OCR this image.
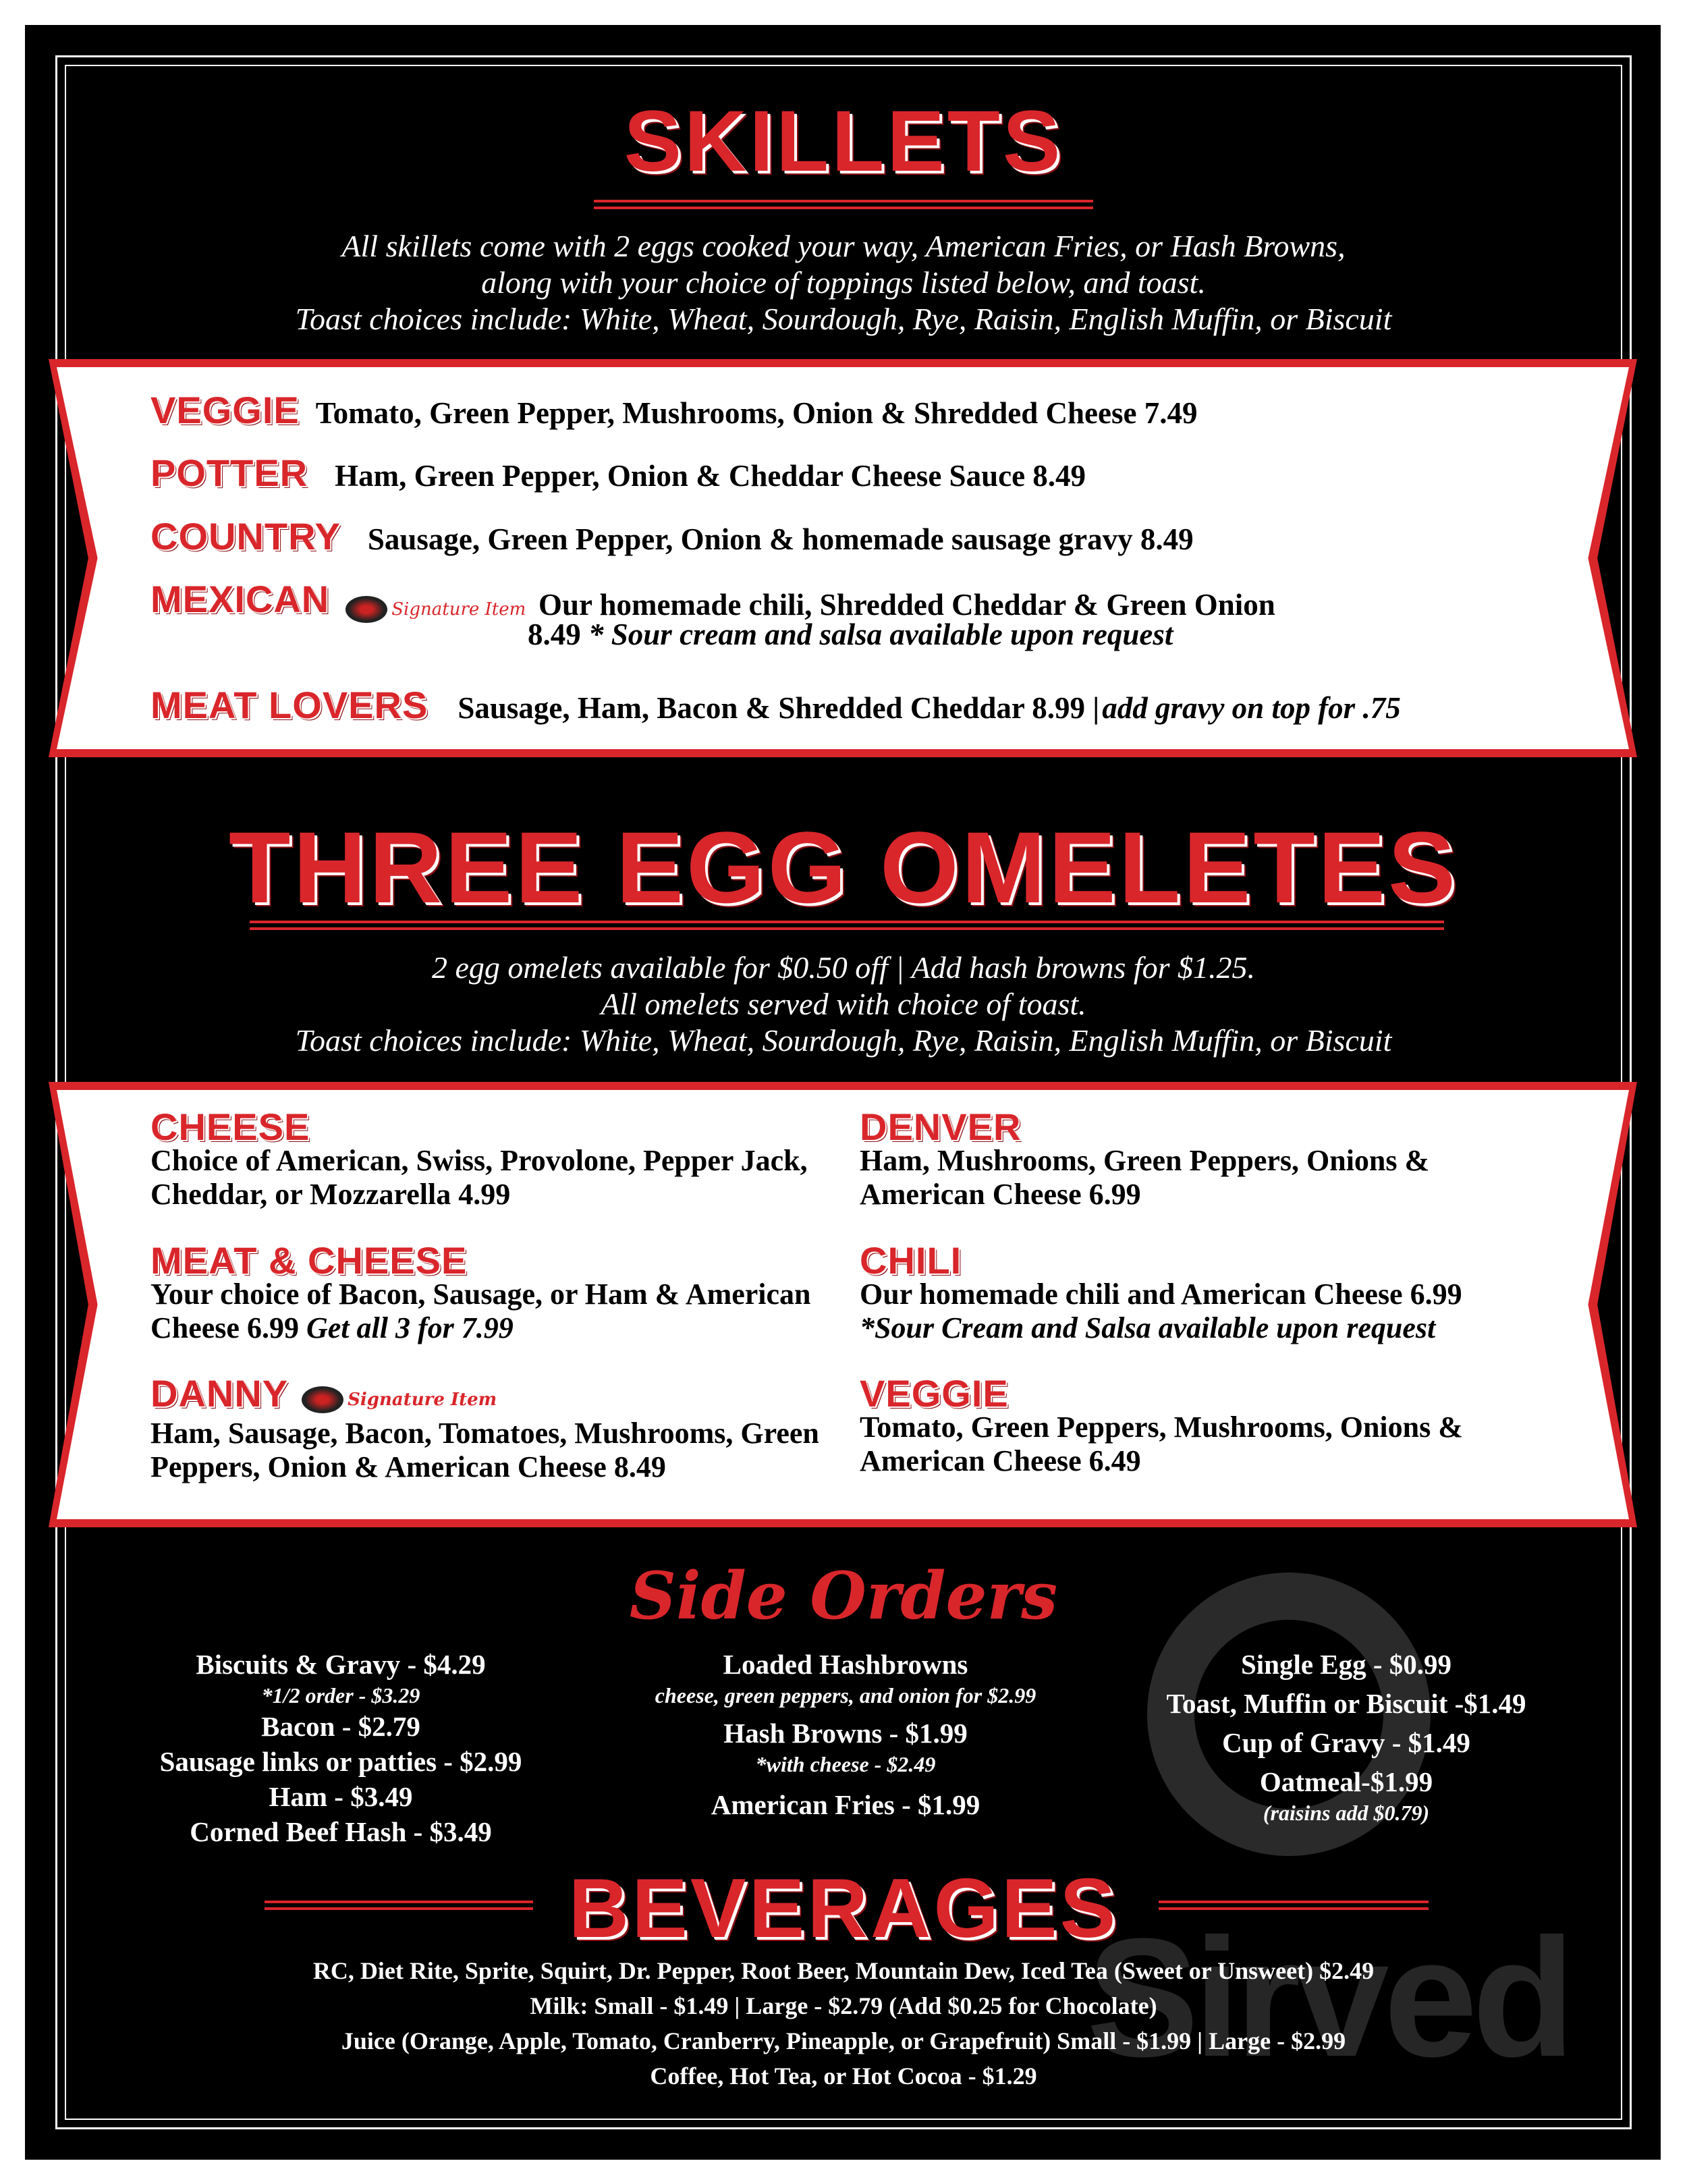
Sirved
SKILLETS
All skillets come with 2 eggs cooked your way, American Fries, or Hash Browns,
along with your choice of toppings listed below, and toast.
Toast choices include: White, Wheat, Sourdough, Rye, Raisin, English Muffin, or Biscuit
VEGGIE Tomato, Green Pepper, Mushrooms, Onion & Shredded Cheese 7.49
POTTER Ham, Green Pepper, Onion & Cheddar Cheese Sauce 8.49
COUNTRY Sausage, Green Pepper, Onion & homemade sausage gravy 8.49
MEXICAN	Signature Item Our homemade chili, Shredded Cheddar & Green Onion
8.49 * Sour cream and salsa available upon request
MEAT LOVERS Sausage, Ham, Bacon & Shredded Cheddar 8.99 | add gravy on top for .75
THREE EGG OMELETES
2 egg omelets available for $0.50 off | Add hash browns for $1.25.
All omelets served with choice of toast.
Toast choices include: White, Wheat, Sourdough, Rye, Raisin, English Muffin, or Biscuit
CHEESE
Choice of American, Swiss, Provolone, Pepper Jack, Cheddar, or Mozzarella 4.99
MEAT & CHEESE
Your choice of Bacon, Sausage, or Ham & American Cheese 6.99 Get all 3 for 7.99
DANNY	Signature Item
Ham, Sausage, Bacon, Tomatoes, Mushrooms, Green Peppers, Onion & American Cheese 8.49
DENVER
Ham, Mushrooms, Green Peppers, Onions & American Cheese 6.99
CHILI
Our homemade chili and American Cheese 6.99
*Sour Cream and Salsa available upon request
VEGGIE
Tomato, Green Peppers, Mushrooms, Onions & American Cheese 6.49
Side Orders
Biscuits & Gravy - $4.29
*1/2 order - $3.29
Bacon - $2.79
Sausage links or patties - $2.99
Ham - $3.49
Corned Beef Hash - $3.49
Loaded Hashbrowns
cheese, green peppers, and onion for $2.99
Hash Browns - $1.99
*with cheese - $2.49
American Fries - $1.99
Single Egg - $0.99
Toast, Muffin or Biscuit -$1.49
Cup of Gravy - $1.49
Oatmeal-$1.99
(raisins add $0.79)
BEVERAGES
RC, Diet Rite, Sprite, Squirt, Dr. Pepper, Root Beer, Mountain Dew, Iced Tea (Sweet or Unsweet) $2.49
Milk: Small - $1.49 | Large - $2.79 (Add $0.25 for Chocolate)
Juice (Orange, Apple, Tomato, Cranberry, Pineapple, or Grapefruit) Small - $1.99 | Large - $2.99
Coffee, Hot Tea, or Hot Cocoa - $1.29
